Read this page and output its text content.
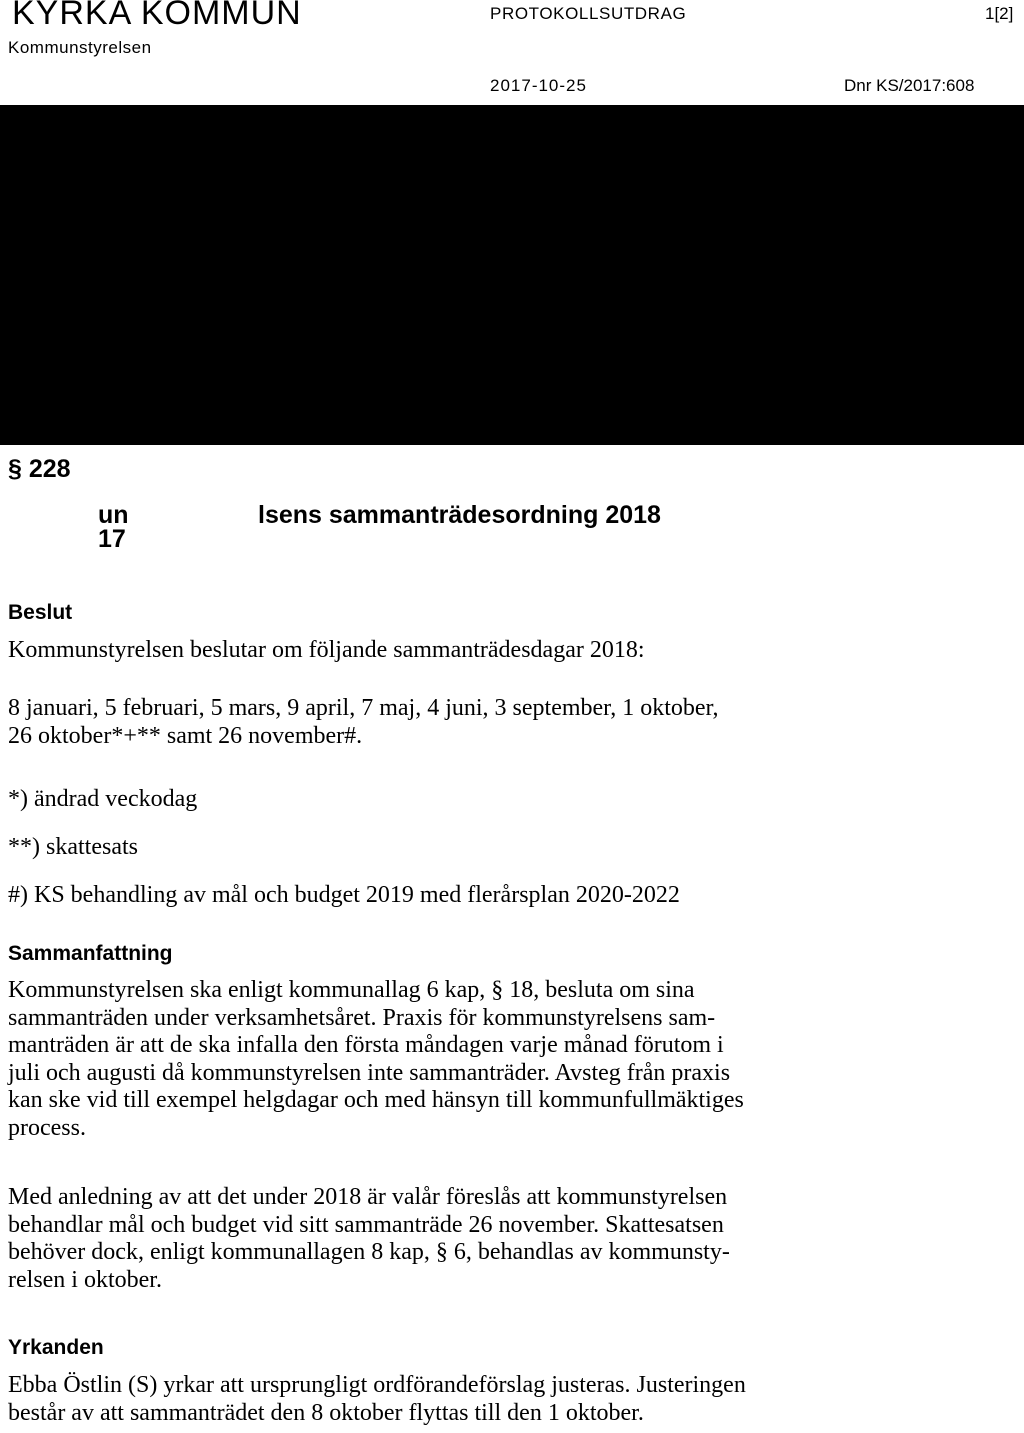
KYRKA KOMMUN
Kommunstyrelsen
PROTOKOLLSUTDRAG	1[2]
2017-10-25	Dnr KS/2017:608
§ 228
un
17
lsens sammanträdesordning 2018
Beslut
Kommunstyrelsen beslutar om följande sammanträdesdagar 2018:
8 januari, 5 februari, 5 mars, 9 april, 7 maj, 4 juni, 3 september, 1 oktober,
26 oktober*+** samt 26 november#.
*) ändrad veckodag
**) skattesats
#) KS behandling av mål och budget 2019 med flerårsplan 2020-2022
Sammanfattning
Kommunstyrelsen ska enligt kommunallag 6 kap, § 18, besluta om sina
sammanträden under verksamhetsåret. Praxis för kommunstyrelsens sam-
manträden är att de ska infalla den första måndagen varje månad förutom i
juli och augusti då kommunstyrelsen inte sammanträder. Avsteg från praxis
kan ske vid till exempel helgdagar och med hänsyn till kommunfullmäktiges
process.
Med anledning av att det under 2018 är valår föreslås att kommunstyrelsen
behandlar mål och budget vid sitt sammanträde 26 november. Skattesatsen
behöver dock, enligt kommunallagen 8 kap, § 6, behandlas av kommunsty-
relsen i oktober.
Yrkanden
Ebba Östlin (S) yrkar att ursprungligt ordförandeförslag justeras. Justeringen
består av att sammanträdet den 8 oktober flyttas till den 1 oktober.
